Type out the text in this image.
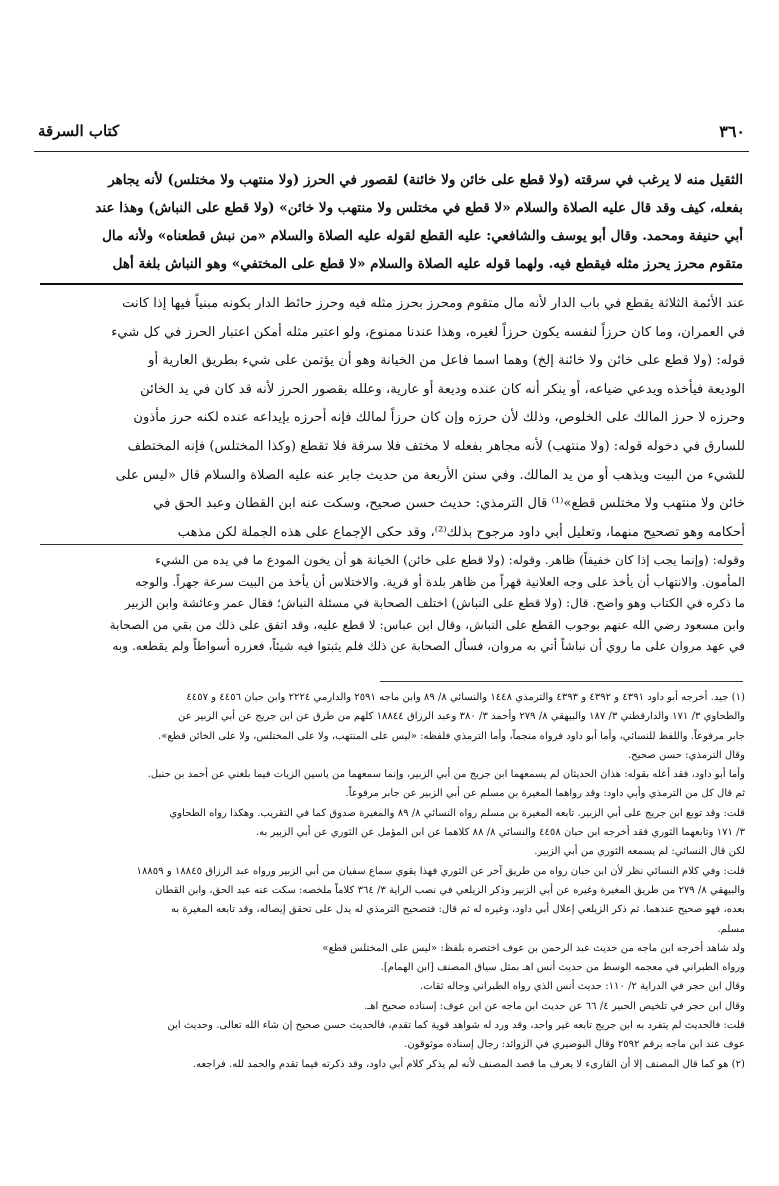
٣٦٠
كتاب السرقة

الثقيل منه لا يرغب في سرقته (ولا قطع على خائن ولا خائنة) لقصور في الحرز (ولا منتهب ولا مختلس) لأنه يجاهر

بفعله، كيف وقد قال عليه الصلاة والسلام «لا قطع في مختلس ولا منتهب ولا خائن» (ولا قطع على النباش) وهذا عند

أبي حنيفة ومحمد. وقال أبو يوسف والشافعي: عليه القطع لقوله عليه الصلاة والسلام «من نبش قطعناه» ولأنه مال

متقوم محرز يحرز مثله فيقطع فيه. ولهما قوله عليه الصلاة والسلام «لا قطع على المختفي» وهو النباش بلغة أهل

عند الأئمة الثلاثة يقطع في باب الدار لأنه مال متقوم ومحرز بحرز مثله فيه وحرز حائط الدار بكونه مبنياً فيها إذا كانت

في العمران، وما كان حرزاً لنفسه يكون حرزاً لغيره، وهذا عندنا ممنوع، ولو اعتبر مثله أمكن اعتبار الحرز في كل شيء

قوله: (ولا قطع على خائن ولا خائنة إلخ) وهما اسما فاعل من الخيانة وهو أن يؤتمن على شيء بطريق العارية أو

الوديعة فيأخذه ويدعي ضياعه، أو ينكر أنه كان عنده وديعة أو عارية، وعلله بقصور الحرز لأنه قد كان في يد الخائن

وحرزه لا حرز المالك على الخلوص، وذلك لأن حرزه وإن كان حرزاً لمالك فإنه أحرزه بإيداعه عنده لكنه حرز مأذون

للسارق في دخوله قوله: (ولا منتهب) لأنه مجاهر بفعله لا مختف فلا سرقة فلا تقطع (وكذا المختلس) فإنه المختطف

للشيء من البيت ويذهب أو من يد المالك. وفي سنن الأربعة من حديث جابر عنه عليه الصلاة والسلام قال «ليس على

خائن ولا منتهب ولا مختلس قطع»⁽¹⁾ قال الترمذي: حديث حسن صحيح، وسكت عنه ابن القطان وعبد الحق في

أحكامه وهو تصحيح منهما، وتعليل أبي داود مرجوح بذلك⁽²⁾، وقد حكى الإجماع على هذه الجملة لكن مذهب

وقوله: (وإنما يجب إذا كان خفيفاً) ظاهر. وقوله: (ولا قطع على خائن) الخيانة هو أن يخون المودع ما في يده من الشيء

المأمون. والانتهاب أن يأخذ على وجه العلانية قهراً من ظاهر بلدة أو قرية. والاختلاس أن يأخذ من البيت سرعة جهراً. والوجه

ما ذكره في الكتاب وهو واضح. قال: (ولا قطع على النباش) اختلف الصحابة في مسئلة النباش؛ فقال عمر وعائشة وابن الزبير

وابن مسعود رضي الله عنهم بوجوب القطع على النباش، وقال ابن عباس: لا قطع عليه، وقد اتفق على ذلك من بقي من الصحابة

في عهد مروان على ما روي أن نباشاً أتي به مروان، فسأل الصحابة عن ذلك فلم يثبتوا فيه شيئاً، فعزره أسواطاً ولم يقطعه. وبه

(١) جيد. أخرجه أبو داود ٤٣٩١ و ٤٣٩٢ و ٤٣٩٣ والترمذي ١٤٤٨ والنسائي ٨/ ٨٩ وابن ماجه ٢٥٩١ والدارمي ٢٢٢٤ وابن حبان ٤٤٥٦ و ٤٤٥٧

والطحاوي ٣/ ١٧١ والدارقطني ٣/ ١٨٧ والبيهقي ٨/ ٢٧٩ وأحمد ٣/ ٣٨٠ وعبد الرزاق ١٨٨٤٤ كلهم من طرق عن ابن جريج عن أبي الزبير عن

جابر مرفوعاً. واللفظ للنسائي، وأما أبو داود فرواه منجماً، وأما الترمذي فلفظه: «ليس على المنتهب، ولا على المختلس، ولا على الخائن قطع».

وقال الترمذي: حسن صحيح.

وأما أبو داود، فقد أعله بقوله: هذان الحديثان لم يسمعهما ابن جريج من أبي الزبير، وإنما سمعهما من ياسين الزيات فيما بلغني عن أحمد بن حنبل.

ثم قال كل من الترمذي وأبي داود: وقد رواهما المغيرة بن مسلم عن أبي الزبير عن جابر مرفوعاً.

قلت: وقد توبع ابن جريج على أبي الزبير. تابعه المغيرة بن مسلم رواه النسائي ٨/ ٨٩ والمغيرة صدوق كما في التقريب. وهكذا رواه الطحاوي

٣/ ١٧١ وتابعهما الثوري فقد أخرجه ابن حبان ٤٤٥٨ والنسائي ٨/ ٨٨ كلاهما عن ابن المؤمل عن الثوري عن أبي الزبير به.

لكن قال النسائي: لم يسمعه الثوري من أبي الزبير.

قلت: وفي كلام النسائي نظر لأن ابن حبان رواه من طريق آخر عن الثوري فهذا يقوي سماع سفيان من أبي الزبير ورواه عبد الرزاق ١٨٨٤٥ و ١٨٨٥٩

والبيهقي ٨/ ٢٧٩ من طريق المغيرة وغيره عن أبي الزبير وذكر الزيلعي في نصب الراية ٣/ ٣٦٤ كلاماً ملخصه: سكت عنه عبد الحق، وابن القطان

بعده، فهو صحيح عندهما. ثم ذكر الزيلعي إعلال أبي داود، وغيره له ثم قال: فتصحيح الترمذي له يدل على تحقق إيصاله، وقد تابعه المغيرة به

مسلم.

ولد شاهد أخرجه ابن ماجه من حديث عبد الرحمن بن عوف اختصره بلفظ: «ليس على المختلس قطع»

ورواه الطبراني في معجمه الوسط من حديث أنس اهـ بمثل سياق المصنف [ابن الهمام].

وقال ابن حجر في الدراية ٢/ ١١٠: حديث أنس الذي رواه الطبراني وجاله ثقات.

وقال ابن حجر في تلخيص الحبير ٤/ ٦٦ عن حديث ابن ماجه عن ابن عوف: إسناده صحيح اهـ.

قلت: فالحديث لم يتفرد به ابن جريج تابعه غير واحد، وقد ورد له شواهد قوية كما تقدم، فالحديث حسن صحيح إن شاء الله تعالى. وحديث ابن

عوف عند ابن ماجه برقم ٢٥٩٢ وقال البوصيري في الزوائد: رجال إسناده موثوقون.

(٢) هو كما قال المصنف إلا أن القارىء لا يعرف ما قصد المصنف لأنه لم يذكر كلام أبي داود، وقد ذكرته فيما تقدم والحمد لله. فراجعه.
